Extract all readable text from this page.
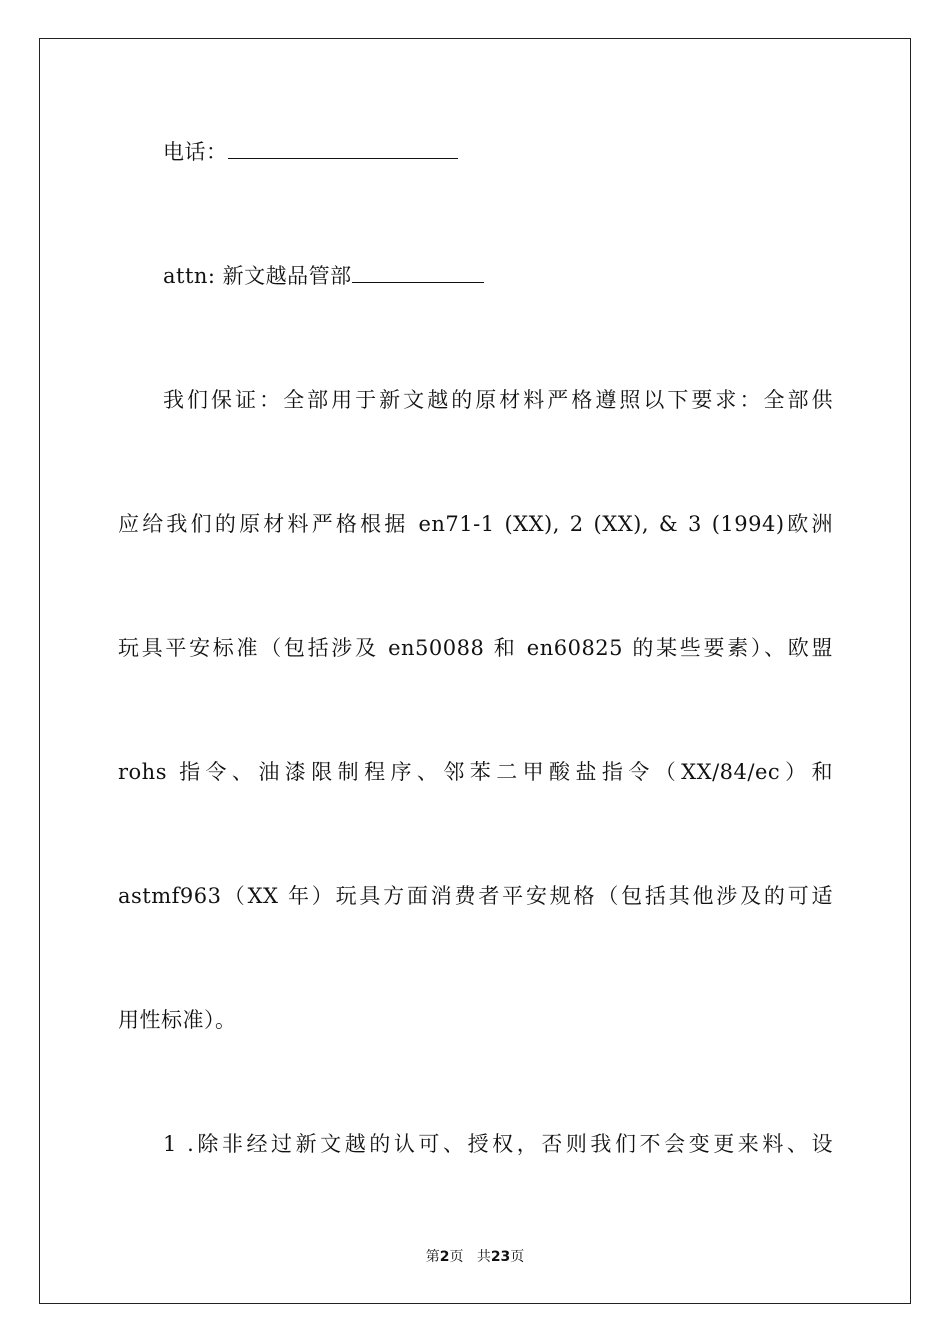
电话：
attn: 新文越品管部
我们保证：全部用于新文越的原材料严格遵照以下要求：全部供
应给我们的原材料严格根据 en71-1 (XX), 2 (XX), & 3 (1994)欧洲
玩具平安标准（包括涉及 en50088 和 en60825 的某些要素）、欧盟
rohs 指令、油漆限制程序、邻苯二甲酸盐指令（XX/84/ec）和
astmf963（XX 年）玩具方面消费者平安规格（包括其他涉及的可适
用性标准）。
1 .除非经过新文越的认可、授权，否则我们不会变更来料、设
第2页 共23页
